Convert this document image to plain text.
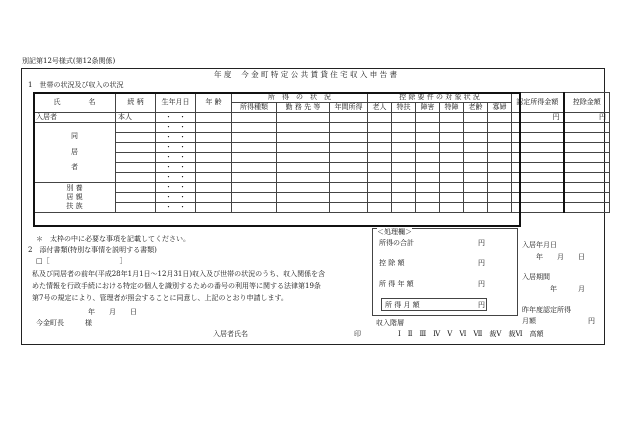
別記第12号様式(第12条関係)
年 度 　今 金 町 特 定 公 共 賃 貸 住 宅 収 入 申 告 書
1　世帯の状況及び収入の状況
氏　　　　名	続 柄	生年月日	年 齢	所　得　の　状　況			控 除 要 件 の 対 象 状 況						認定所得金額	控除金額
				所得種類	勤 務 先 等	年間所得	老人	特扶	障害	特障	老齢	寡婦		
入居者	本人	・　・											円	円
同
居
者		・　・												
		・　・												
		・　・												
		・　・												
		・　・												
		・　・												
別 養
居 親
扶 族		・　・												
		・　・												
		・　・												
＊　太枠の中に必要な事項を記載してください。
2　添付書類(特別な事情を説明する書類)
□［　　　　　　　　　　］
私及び同居者の前年(平成28年1月1日〜12月31日)収入及び世帯の状況のうち、収入関係を含
めた情報を行政手続における特定の個人を識別するための番号の利用等に関する法律第19条
第7号の規定により、管理者が照会することに同意し、上記のとおり申請します。
年　　月　　日
今金町長　　　様
入居者氏名	印
＜処理欄＞
所得の合計	円
控 除 額	円
所 得 年 額	円
所 得 月 額	円
収入階層
Ⅰ　Ⅱ　Ⅲ　Ⅳ　Ⅴ　Ⅵ　Ⅶ　裁Ⅴ　裁Ⅵ　高額
入居年月日
年　　月　　日
入居期間
年　　　月
昨年度認定所得
月額	円
